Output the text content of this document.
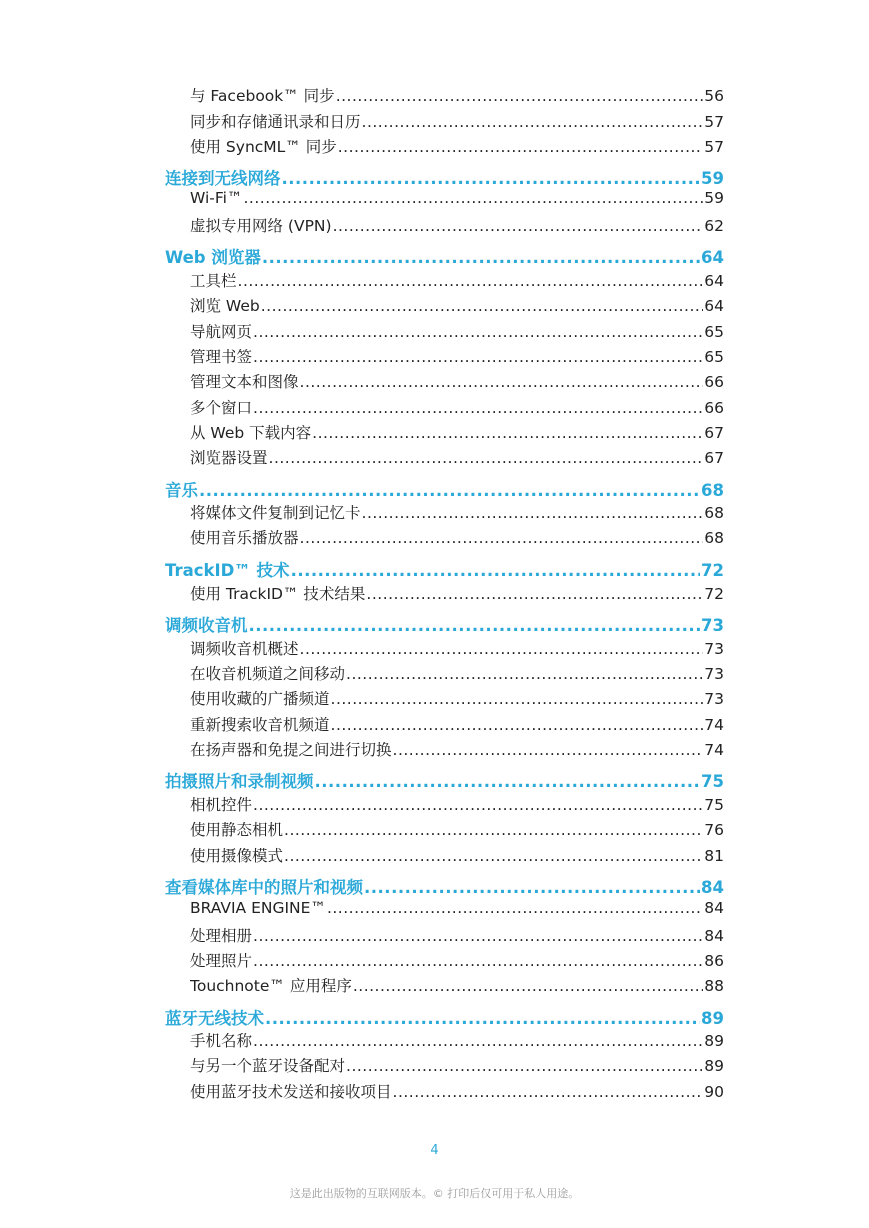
与 Facebook™ 同步 .....	56
同步和存储通讯录和日历 .....	57
使用 SyncML™ 同步 .....	57
连接到无线网络 .....	59
Wi-Fi™ .....	59
虚拟专用网络 (VPN) .....	62
Web 浏览器 .....	64
工具栏 .....	64
浏览 Web .....	64
导航网页 .....	65
管理书签 .....	65
管理文本和图像 .....	66
多个窗口 .....	66
从 Web 下载内容 .....	67
浏览器设置 .....	67
音乐 .....	68
将媒体文件复制到记忆卡 .....	68
使用音乐播放器 .....	68
TrackID™ 技术 .....	72
使用 TrackID™ 技术结果 .....	72
调频收音机 .....	73
调频收音机概述 .....	73
在收音机频道之间移动 .....	73
使用收藏的广播频道 .....	73
重新搜索收音机频道 .....	74
在扬声器和免提之间进行切换 .....	74
拍摄照片和录制视频 .....	75
相机控件 .....	75
使用静态相机 .....	76
使用摄像模式 .....	81
查看媒体库中的照片和视频 .....	84
BRAVIA ENGINE™ .....	84
处理相册 .....	84
处理照片 .....	86
Touchnote™ 应用程序 .....	88
蓝牙无线技术 .....	89
手机名称 .....	89
与另一个蓝牙设备配对 .....	89
使用蓝牙技术发送和接收项目 .....	90
4
这是此出版物的互联网版本。© 打印后仅可用于私人用途。
